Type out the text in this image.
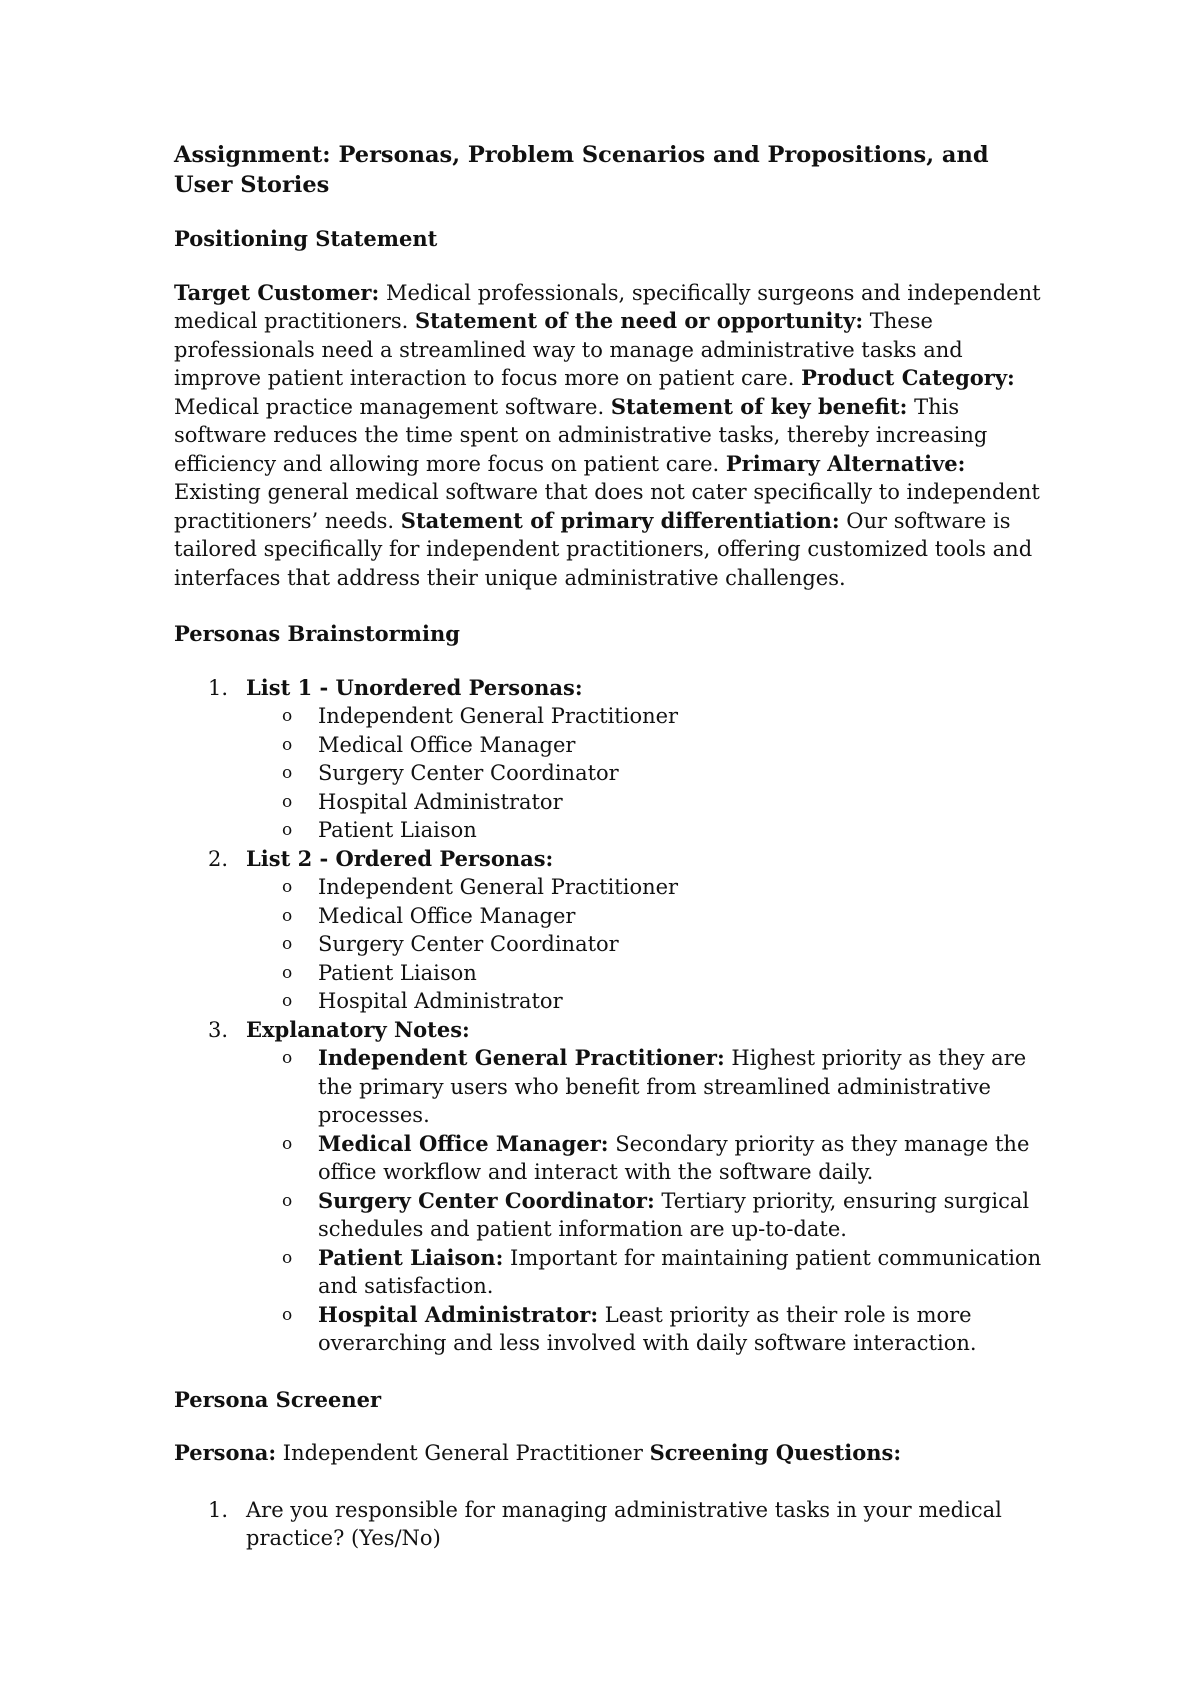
Assignment: Personas, Problem Scenarios and Propositions, and User Stories
Positioning Statement

Target Customer: Medical professionals, specifically surgeons and independent medical practitioners. Statement of the need or opportunity: These professionals need a streamlined way to manage administrative tasks and improve patient interaction to focus more on patient care. Product Category: Medical practice management software. Statement of key benefit: This software reduces the time spent on administrative tasks, thereby increasing efficiency and allowing more focus on patient care. Primary Alternative: Existing general medical software that does not cater specifically to independent practitioners’ needs. Statement of primary differentiation: Our software is tailored specifically for independent practitioners, offering customized tools and interfaces that address their unique administrative challenges.

Personas Brainstorming
1. List 1 - Unordered Personas:
o Independent General Practitioner
o Medical Office Manager
o Surgery Center Coordinator
o Hospital Administrator
o Patient Liaison
2. List 2 - Ordered Personas:
o Independent General Practitioner
o Medical Office Manager
o Surgery Center Coordinator
o Patient Liaison
o Hospital Administrator
3. Explanatory Notes:
o Independent General Practitioner: Highest priority as they are the primary users who benefit from streamlined administrative processes.
o Medical Office Manager: Secondary priority as they manage the office workflow and interact with the software daily.
o Surgery Center Coordinator: Tertiary priority, ensuring surgical schedules and patient information are up-to-date.
o Patient Liaison: Important for maintaining patient communication and satisfaction.
o Hospital Administrator: Least priority as their role is more overarching and less involved with daily software interaction.
Persona Screener

Persona: Independent General Practitioner Screening Questions:

1. Are you responsible for managing administrative tasks in your medical practice? (Yes/No)
